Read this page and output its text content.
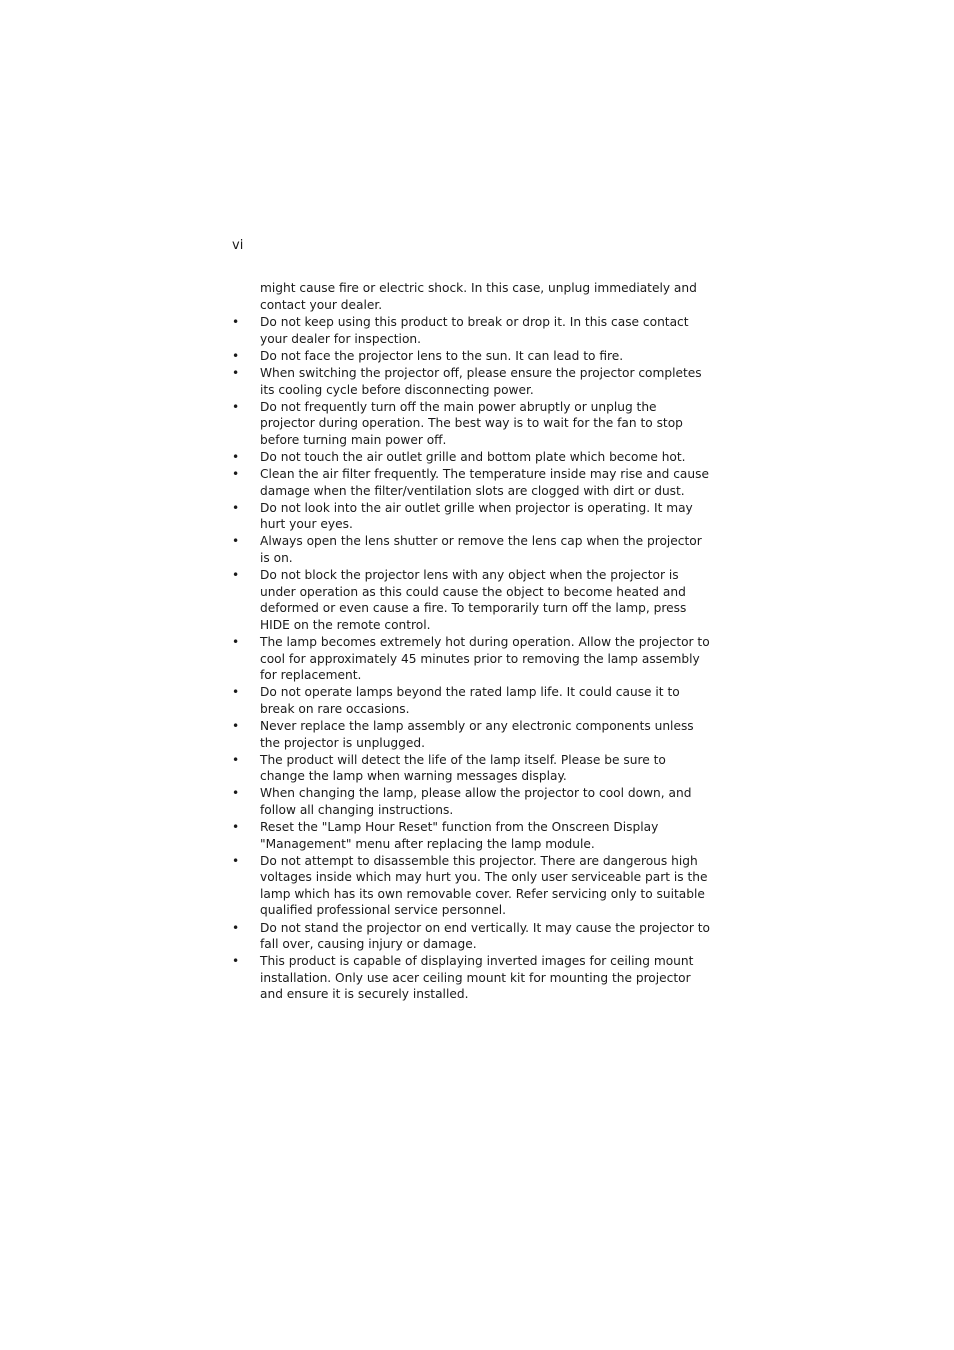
vi

might cause fire or electric shock. In this case, unplug immediately and contact your dealer.

• Do not keep using this product to break or drop it. In this case contact your dealer for inspection.
• Do not face the projector lens to the sun. It can lead to fire.
• When switching the projector off, please ensure the projector completes its cooling cycle before disconnecting power.
• Do not frequently turn off the main power abruptly or unplug the projector during operation. The best way is to wait for the fan to stop before turning main power off.
• Do not touch the air outlet grille and bottom plate which become hot.
• Clean the air filter frequently. The temperature inside may rise and cause damage when the filter/ventilation slots are clogged with dirt or dust.
• Do not look into the air outlet grille when projector is operating. It may hurt your eyes.
• Always open the lens shutter or remove the lens cap when the projector is on.
• Do not block the projector lens with any object when the projector is under operation as this could cause the object to become heated and deformed or even cause a fire. To temporarily turn off the lamp, press HIDE on the remote control.
• The lamp becomes extremely hot during operation. Allow the projector to cool for approximately 45 minutes prior to removing the lamp assembly for replacement.
• Do not operate lamps beyond the rated lamp life. It could cause it to break on rare occasions.
• Never replace the lamp assembly or any electronic components unless the projector is unplugged.
• The product will detect the life of the lamp itself. Please be sure to change the lamp when warning messages display.
• When changing the lamp, please allow the projector to cool down, and follow all changing instructions.
• Reset the "Lamp Hour Reset" function from the Onscreen Display "Management" menu after replacing the lamp module.
• Do not attempt to disassemble this projector. There are dangerous high voltages inside which may hurt you. The only user serviceable part is the lamp which has its own removable cover. Refer servicing only to suitable qualified professional service personnel.
• Do not stand the projector on end vertically. It may cause the projector to fall over, causing injury or damage.
• This product is capable of displaying inverted images for ceiling mount installation. Only use acer ceiling mount kit for mounting the projector and ensure it is securely installed.
